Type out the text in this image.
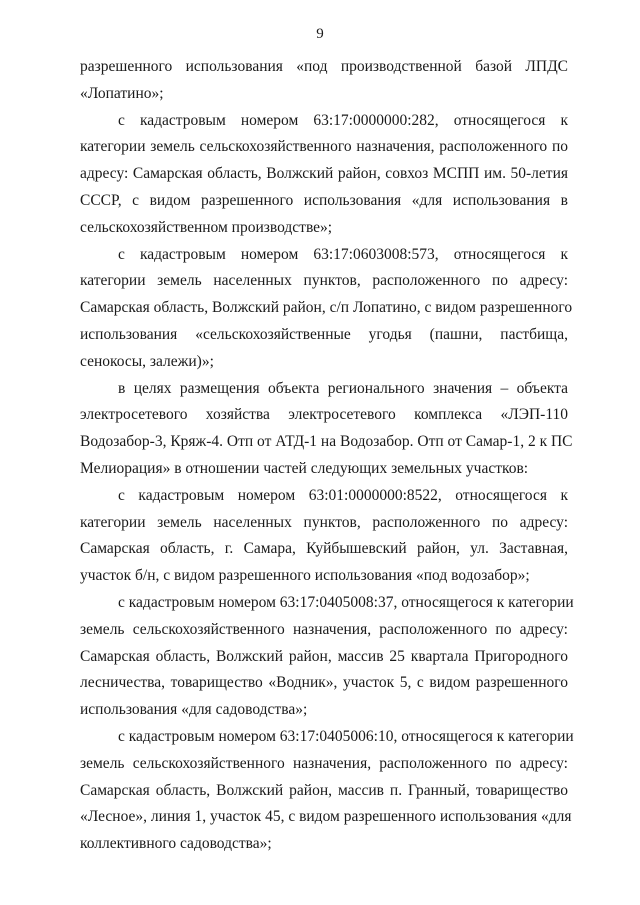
9
разрешенного использования «под производственной базой ЛПДС
«Лопатино»;
с кадастровым номером 63:17:0000000:282, относящегося к
категории земель сельскохозяйственного назначения, расположенного по
адресу: Самарская область, Волжский район, совхоз МСПП им. 50-летия
СССР, с видом разрешенного использования «для использования в
сельскохозяйственном производстве»;
с кадастровым номером 63:17:0603008:573, относящегося к
категории земель населенных пунктов, расположенного по адресу:
Самарская область, Волжский район, с/п Лопатино, с видом разрешенного
использования «сельскохозяйственные угодья (пашни, пастбища,
сенокосы, залежи)»;
в целях размещения объекта регионального значения – объекта
электросетевого хозяйства электросетевого комплекса «ЛЭП-110
Водозабор-3, Кряж-4. Отп от АТД-1 на Водозабор. Отп от Самар-1, 2 к ПС
Мелиорация» в отношении частей следующих земельных участков:
с кадастровым номером 63:01:0000000:8522, относящегося к
категории земель населенных пунктов, расположенного по адресу:
Самарская область, г. Самара, Куйбышевский район, ул. Заставная,
участок б/н, с видом разрешенного использования «под водозабор»;
с кадастровым номером 63:17:0405008:37, относящегося к категории
земель сельскохозяйственного назначения, расположенного по адресу:
Самарская область, Волжский район, массив 25 квартала Пригородного
лесничества, товарищество «Водник», участок 5, с видом разрешенного
использования «для садоводства»;
с кадастровым номером 63:17:0405006:10, относящегося к категории
земель сельскохозяйственного назначения, расположенного по адресу:
Самарская область, Волжский район, массив п. Гранный, товарищество
«Лесное», линия 1, участок 45, с видом разрешенного использования «для
коллективного садоводства»;
